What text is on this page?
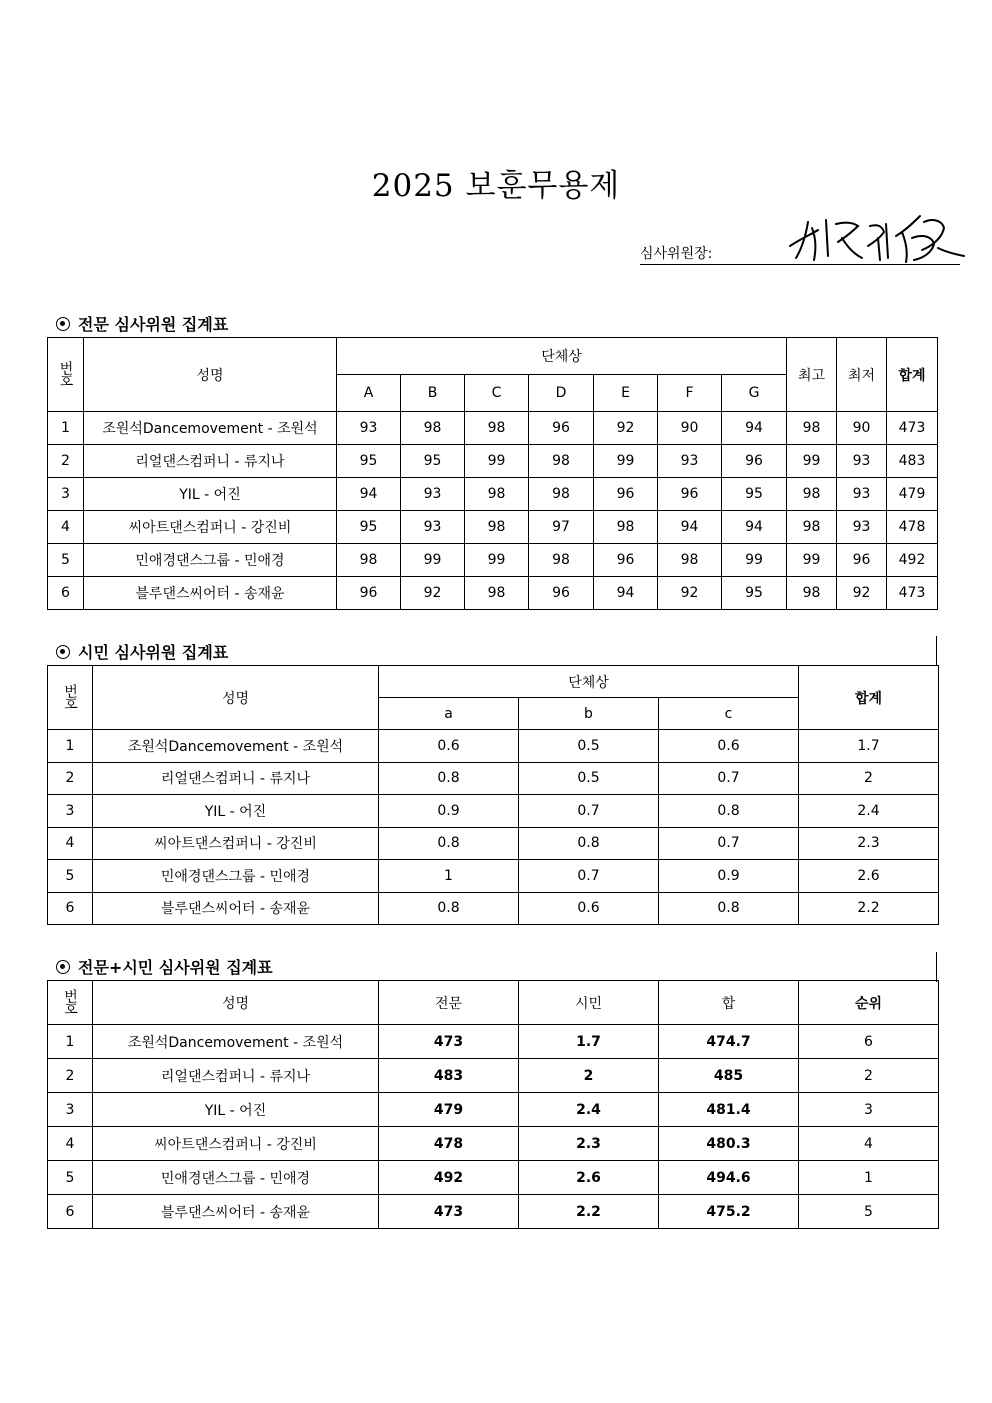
2025 보훈무용제
심사위원장:
전문 심사위원 집계표
번호	성명	단체상							최고	최저	합계
		A	B	C	D	E	F	G			
1	조원석Dancemovement - 조원석	93	98	98	96	92	90	94	98	90	473
2	리얼댄스컴퍼니 - 류지나	95	95	99	98	99	93	96	99	93	483
3	YIL - 어진	94	93	98	98	96	96	95	98	93	479
4	씨아트댄스컴퍼니 - 강진비	95	93	98	97	98	94	94	98	93	478
5	민애경댄스그룹 - 민애경	98	99	99	98	96	98	99	99	96	492
6	블루댄스씨어터 - 송재윤	96	92	98	96	94	92	95	98	92	473
시민 심사위원 집계표
번호	성명	단체상			합계
		a	b	c	
1	조원석Dancemovement - 조원석	0.6	0.5	0.6	1.7
2	리얼댄스컴퍼니 - 류지나	0.8	0.5	0.7	2
3	YIL - 어진	0.9	0.7	0.8	2.4
4	씨아트댄스컴퍼니 - 강진비	0.8	0.8	0.7	2.3
5	민애경댄스그룹 - 민애경	1	0.7	0.9	2.6
6	블루댄스씨어터 - 송재윤	0.8	0.6	0.8	2.2
전문+시민 심사위원 집계표
번호	성명	전문	시민	합	순위
1	조원석Dancemovement - 조원석	473	1.7	474.7	6
2	리얼댄스컴퍼니 - 류지나	483	2	485	2
3	YIL - 어진	479	2.4	481.4	3
4	씨아트댄스컴퍼니 - 강진비	478	2.3	480.3	4
5	민애경댄스그룹 - 민애경	492	2.6	494.6	1
6	블루댄스씨어터 - 송재윤	473	2.2	475.2	5
